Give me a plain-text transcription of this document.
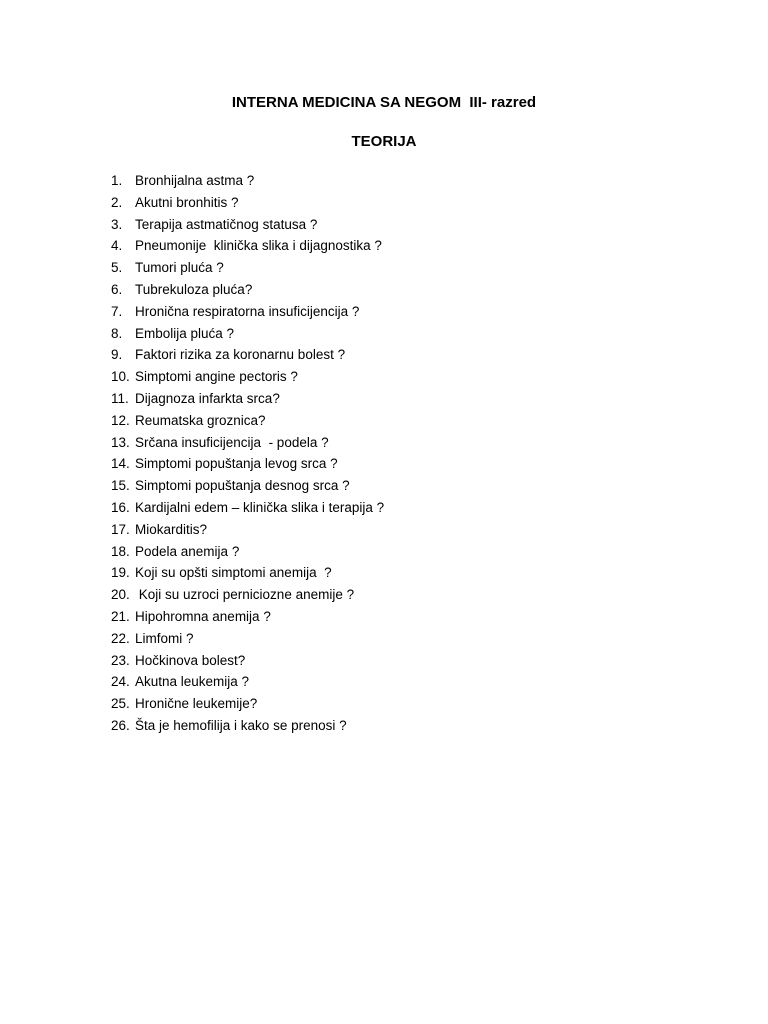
INTERNA MEDICINA SA NEGOM  III- razred
TEORIJA
1. Bronhijalna astma ?
2. Akutni bronhitis ?
3. Terapija astmatičnog statusa ?
4. Pneumonije  klinička slika i dijagnostika ?
5. Tumori pluća ?
6. Tubrekuloza pluća?
7. Hronična respiratorna insuficijencija ?
8. Embolija pluća ?
9. Faktori rizika za koronarnu bolest ?
10. Simptomi angine pectoris ?
11. Dijagnoza infarkta srca?
12. Reumatska groznica?
13. Srčana insuficijencija  - podela ?
14. Simptomi popuštanja levog srca ?
15. Simptomi popuštanja desnog srca ?
16. Kardijalni edem – klinička slika i terapija ?
17. Miokarditis?
18. Podela anemija ?
19. Koji su opšti simptomi anemija  ?
20. Koji su uzroci pernici​ozne anemije ?
21. Hipohromna anemija ?
22. Limfomi ?
23. Hočkinova bolest?
24. Akutna leukemija ?
25. Hronične leukemije?
26. Šta je hemofilija i kako se prenosi ?
